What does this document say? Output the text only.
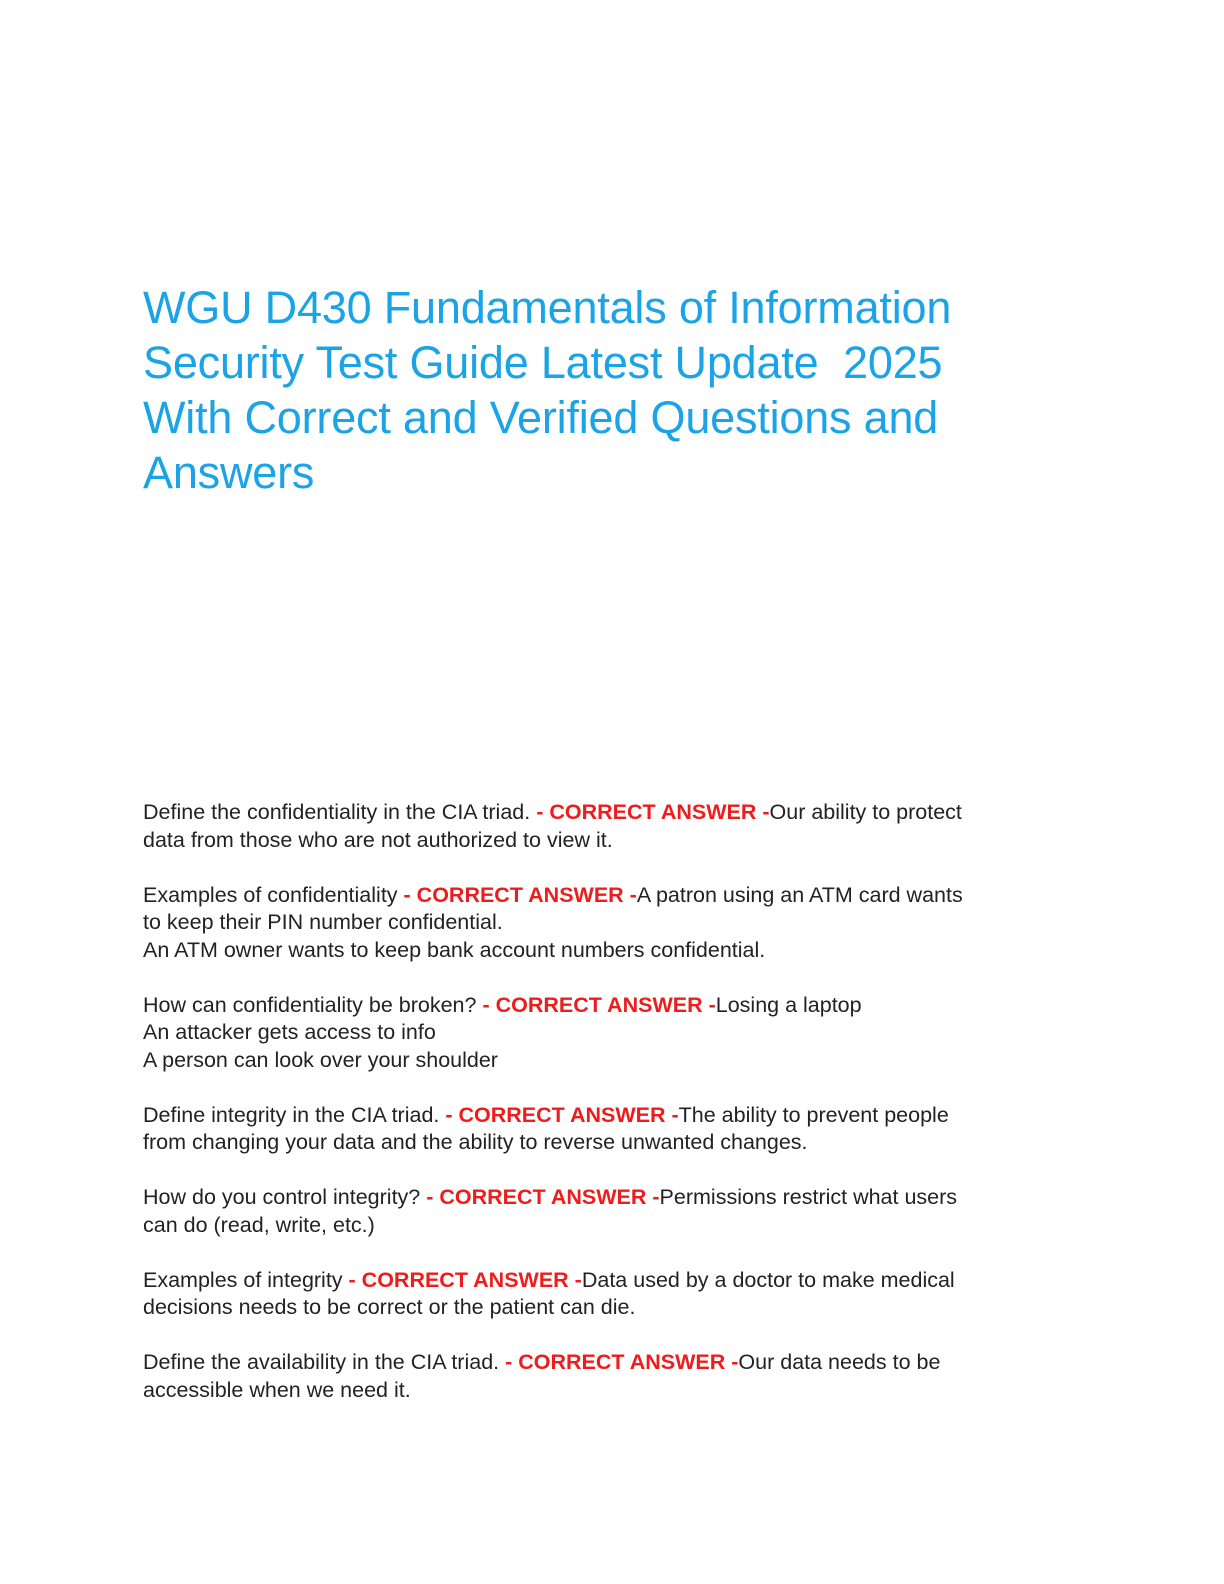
WGU D430 Fundamentals of Information
Security Test Guide Latest Update  2025
With Correct and Verified Questions and
Answers

Define the confidentiality in the CIA triad. - CORRECT ANSWER -Our ability to protect
data from those who are not authorized to view it.

Examples of confidentiality - CORRECT ANSWER -A patron using an ATM card wants
to keep their PIN number confidential.
An ATM owner wants to keep bank account numbers confidential.

How can confidentiality be broken? - CORRECT ANSWER -Losing a laptop
An attacker gets access to info
A person can look over your shoulder

Define integrity in the CIA triad. - CORRECT ANSWER -The ability to prevent people
from changing your data and the ability to reverse unwanted changes.

How do you control integrity? - CORRECT ANSWER -Permissions restrict what users
can do (read, write, etc.)

Examples of integrity - CORRECT ANSWER -Data used by a doctor to make medical
decisions needs to be correct or the patient can die.

Define the availability in the CIA triad. - CORRECT ANSWER -Our data needs to be
accessible when we need it.
